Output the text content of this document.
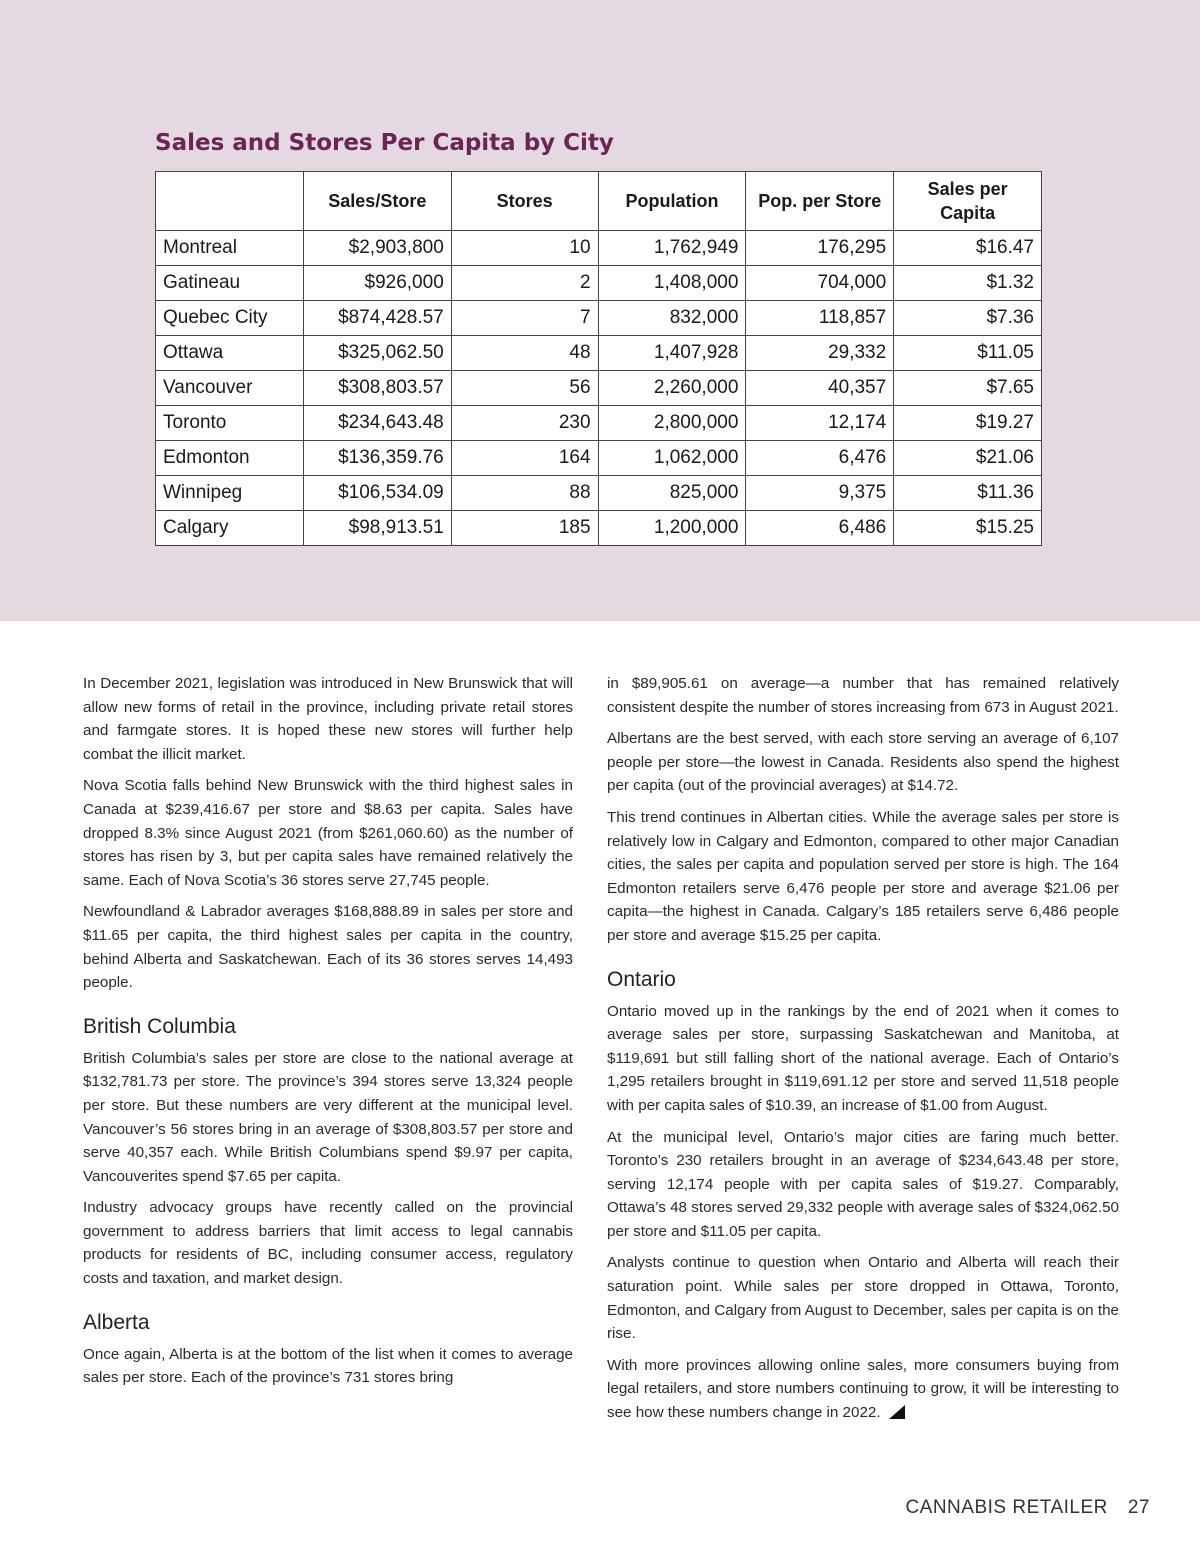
Sales and Stores Per Capita by City
	Sales/Store	Stores	Population	Pop. per Store	Sales per Capita
Montreal	$2,903,800	10	1,762,949	176,295	$16.47
Gatineau	$926,000	2	1,408,000	704,000	$1.32
Quebec City	$874,428.57	7	832,000	118,857	$7.36
Ottawa	$325,062.50	48	1,407,928	29,332	$11.05
Vancouver	$308,803.57	56	2,260,000	40,357	$7.65
Toronto	$234,643.48	230	2,800,000	12,174	$19.27
Edmonton	$136,359.76	164	1,062,000	6,476	$21.06
Winnipeg	$106,534.09	88	825,000	9,375	$11.36
Calgary	$98,913.51	185	1,200,000	6,486	$15.25

In December 2021, legislation was introduced in New Brunswick that will allow new forms of retail in the province, including private retail stores and farmgate stores. It is hoped these new stores will further help combat the illicit market.

Nova Scotia falls behind New Brunswick with the third highest sales in Canada at $239,416.67 per store and $8.63 per capita. Sales have dropped 8.3% since August 2021 (from $261,060.60) as the number of stores has risen by 3, but per capita sales have remained relatively the same. Each of Nova Scotia’s 36 stores serve 27,745 people.

Newfoundland & Labrador averages $168,888.89 in sales per store and $11.65 per capita, the third highest sales per capita in the country, behind Alberta and Saskatchewan. Each of its 36 stores serves 14,493 people.

British Columbia

British Columbia’s sales per store are close to the national average at $132,781.73 per store. The province’s 394 stores serve 13,324 people per store. But these numbers are very different at the municipal level. Vancouver’s 56 stores bring in an average of $308,803.57 per store and serve 40,357 each. While British Columbians spend $9.97 per capita, Vancouverites spend $7.65 per capita.

Industry advocacy groups have recently called on the provincial government to address barriers that limit access to legal cannabis products for residents of BC, including consumer access, regulatory costs and taxation, and market design.

Alberta

Once again, Alberta is at the bottom of the list when it comes to average sales per store. Each of the province’s 731 stores bring

in $89,905.61 on average—a number that has remained relatively consistent despite the number of stores increasing from 673 in August 2021.

Albertans are the best served, with each store serving an average of 6,107 people per store—the lowest in Canada. Residents also spend the highest per capita (out of the provincial averages) at $14.72.

This trend continues in Albertan cities. While the average sales per store is relatively low in Calgary and Edmonton, compared to other major Canadian cities, the sales per capita and population served per store is high. The 164 Edmonton retailers serve 6,476 people per store and average $21.06 per capita—the highest in Canada. Calgary’s 185 retailers serve 6,486 people per store and average $15.25 per capita.

Ontario

Ontario moved up in the rankings by the end of 2021 when it comes to average sales per store, surpassing Saskatchewan and Manitoba, at $119,691 but still falling short of the national average. Each of Ontario’s 1,295 retailers brought in $119,691.12 per store and served 11,518 people with per capita sales of $10.39, an increase of $1.00 from August.

At the municipal level, Ontario’s major cities are faring much better. Toronto’s 230 retailers brought in an average of $234,643.48 per store, serving 12,174 people with per capita sales of $19.27. Comparably, Ottawa’s 48 stores served 29,332 people with average sales of $324,062.50 per store and $11.05 per capita.

Analysts continue to question when Ontario and Alberta will reach their saturation point. While sales per store dropped in Ottawa, Toronto, Edmonton, and Calgary from August to December, sales per capita is on the rise.

With more provinces allowing online sales, more consumers buying from legal retailers, and store numbers continuing to grow, it will be interesting to see how these numbers change in 2022.

CANNABIS RETAILER 27
